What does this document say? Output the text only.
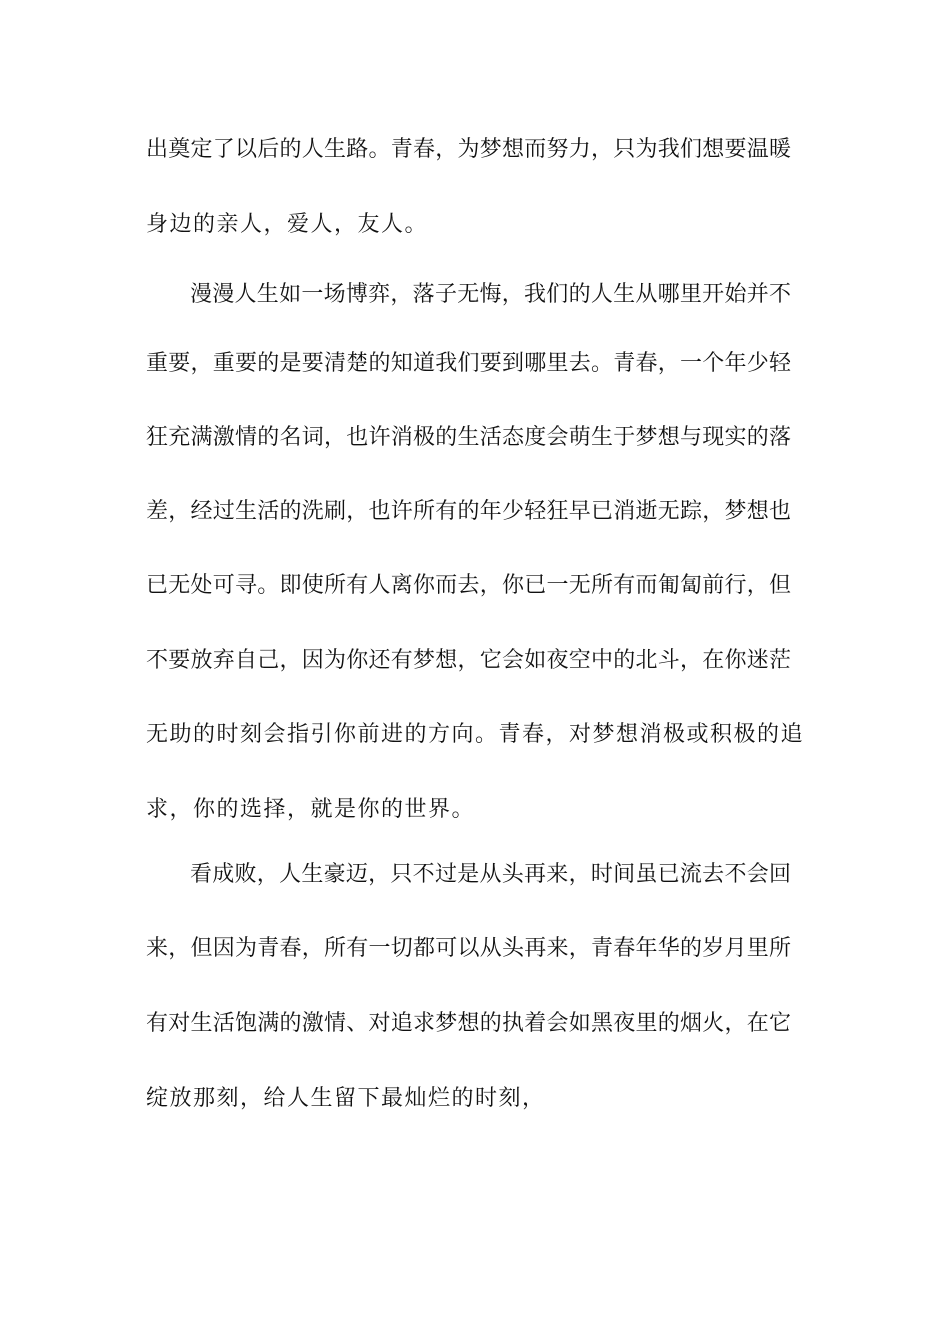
出奠定了以后的人生路。青春，为梦想而努力，只为我们想要温暖
身边的亲人，爱人，友人。
漫漫人生如一场博弈，落子无悔，我们的人生从哪里开始并不
重要，重要的是要清楚的知道我们要到哪里去。青春，一个年少轻
狂充满激情的名词，也许消极的生活态度会萌生于梦想与现实的落
差，经过生活的洗刷，也许所有的年少轻狂早已消逝无踪，梦想也
已无处可寻。即使所有人离你而去，你已一无所有而匍匐前行，但
不要放弃自己，因为你还有梦想，它会如夜空中的北斗，在你迷茫
无助的时刻会指引你前进的方向。青春，对梦想消极或积极的追
求，你的选择，就是你的世界。
看成败，人生豪迈，只不过是从头再来，时间虽已流去不会回
来，但因为青春，所有一切都可以从头再来，青春年华的岁月里所
有对生活饱满的激情、对追求梦想的执着会如黑夜里的烟火，在它
绽放那刻，给人生留下最灿烂的时刻，
